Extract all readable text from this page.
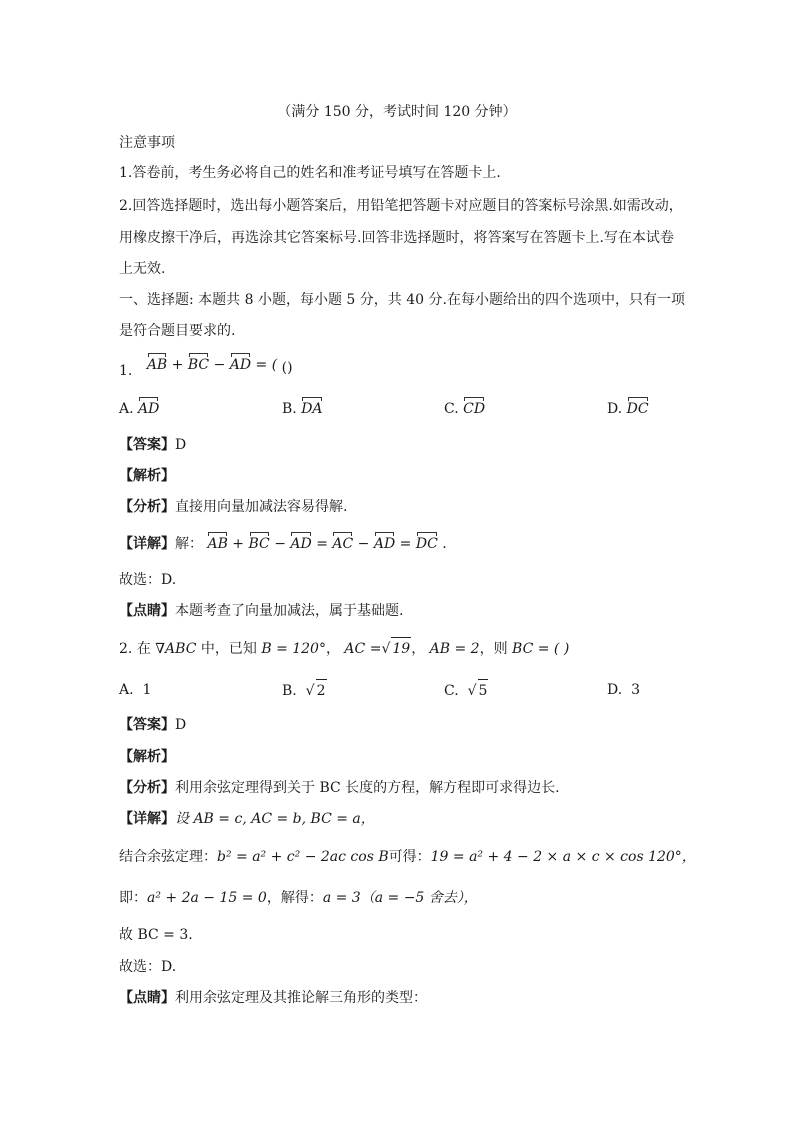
（满分 150 分，考试时间 120 分钟）
注意事项
1.答卷前，考生务必将自己的姓名和准考证号填写在答题卡上.
2.回答选择题时，选出每小题答案后，用铅笔把答题卡对应题目的答案标号涂黑.如需改动，
用橡皮擦干净后，再选涂其它答案标号.回答非选择题时，将答案写在答题卡上.写在本试卷
上无效.
一、选择题: 本题共 8 小题，每小题 5 分，共 40 分.在每小题给出的四个选项中，只有一项
是符合题目要求的.
1. AB + BC − AD = ( ()
A. AD	B. DA	C. CD	D. DC
【答案】D
【解析】
【分析】直接用向量加减法容易得解.
【详解】解： AB + BC − AD = AC − AD = DC .
故选：D.
【点睛】本题考查了向量加减法，属于基础题.
2. 在 ∇ABC 中，已知 B = 120°， AC =√ 19， AB = 2，则 BC = ( )
A. 1	B. √ 2	C. √ 5	D. 3
【答案】D
【解析】
【分析】利用余弦定理得到关于 BC 长度的方程，解方程即可求得边长.
【详解】设 AB = c, AC = b, BC = a，
结合余弦定理：b² = a² + c² − 2ac cos B可得：19 = a² + 4 − 2 × a × c × cos 120°，
即：a² + 2a − 15 = 0，解得：a = 3（a = −5 舍去），
故 BC = 3.
故选：D.
【点睛】利用余弦定理及其推论解三角形的类型：
